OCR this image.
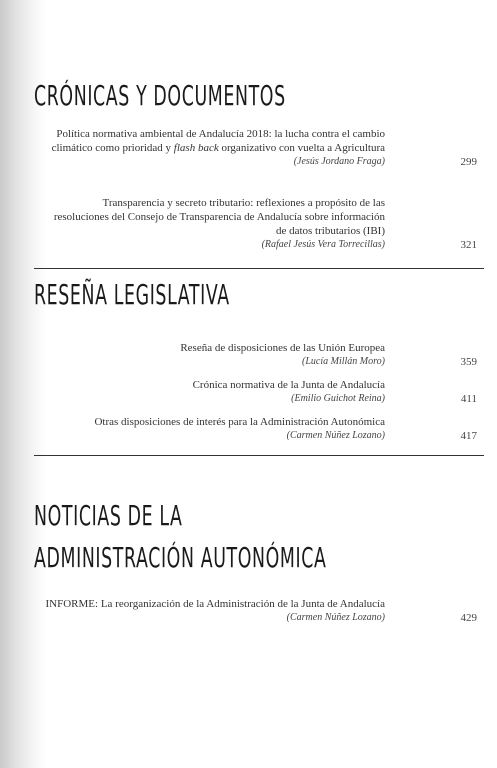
CRÓNICAS Y DOCUMENTOS
Política normativa ambiental de Andalucía 2018: la lucha contra el cambio climático como prioridad y flash back organizativo con vuelta a Agricultura
(Jesús Jordano Fraga)	299
Transparencia y secreto tributario: reflexiones a propósito de las resoluciones del Consejo de Transparencia de Andalucía sobre información de datos tributarios (IBI)
(Rafael Jesús Vera Torrecillas)	321
RESEÑA LEGISLATIVA
Reseña de disposiciones de las Unión Europea
(Lucía Millán Moro)	359
Crónica normativa de la Junta de Andalucía
(Emilio Guichot Reina)	411
Otras disposiciones de interés para la Administración Autonómica
(Carmen Núñez Lozano)	417
NOTICIAS DE LA
ADMINISTRACIÓN AUTONÓMICA
INFORME: La reorganización de la Administración de la Junta de Andalucía
(Carmen Núñez Lozano)	429
